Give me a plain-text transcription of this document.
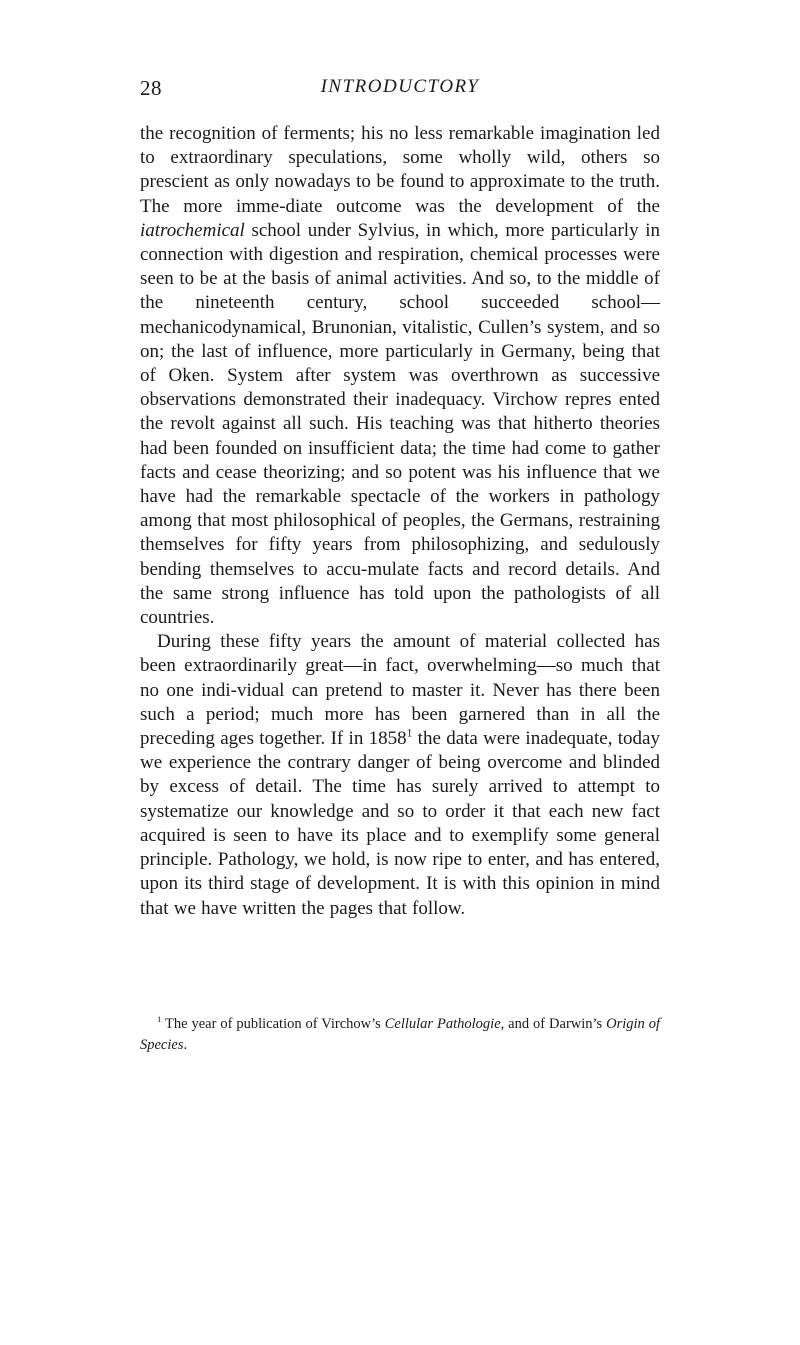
28	INTRODUCTORY

the recognition of ferments; his no less remarkable imagination led to extraordinary speculations, some wholly wild, others so prescient as only nowadays to be found to approximate to the truth. The more imme-diate outcome was the development of the iatrochemical school under Sylvius, in which, more particularly in connection with digestion and respiration, chemical processes were seen to be at the basis of animal activities. And so, to the middle of the nineteenth century, school succeeded school—mechanicodynamical, Brunonian, vitalistic, Cullen’s system, and so on; the last of influence, more particularly in Germany, being that of Oken. System after system was overthrown as successive observations demonstrated their inadequacy. Virchow repres ented the revolt against all such. His teaching was that hitherto theories had been founded on insufficient data; the time had come to gather facts and cease theorizing; and so potent was his influence that we have had the remarkable spectacle of the workers in pathology among that most philosophical of peoples, the Germans, restraining themselves for fifty years from philosophizing, and sedulously bending themselves to accu-mulate facts and record details. And the same strong influence has told upon the pathologists of all countries.

During these fifty years the amount of material collected has been extraordinarily great—in fact, overwhelming—so much that no one indi-vidual can pretend to master it. Never has there been such a period; much more has been garnered than in all the preceding ages together. If in 1858$^1$ the data were inadequate, today we experience the contrary danger of being overcome and blinded by excess of detail. The time has surely arrived to attempt to systematize our knowledge and so to order it that each new fact acquired is seen to have its place and to exemplify some general principle. Pathology, we hold, is now ripe to enter, and has entered, upon its third stage of development. It is with this opinion in mind that we have written the pages that follow.

$^1$ The year of publication of Virchow’s Cellular Pathologie, and of Darwin’s Origin of Species.
